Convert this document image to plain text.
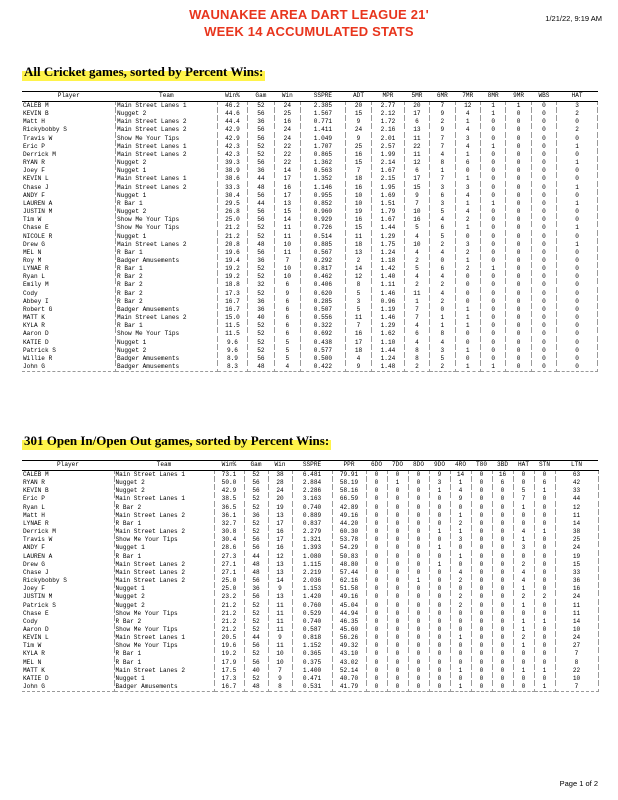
WAUNAKEE AREA DART LEAGUE 21'
WEEK 14 ACCUMULATED STATS
1/21/22, 9:19 AM
All Cricket games, sorted by Percent Wins:
Player	Team	Win%	Gam	Win	SSPRE	ADT	MPR	5MR	6MR	7MR	8MR	9MR	WBS	HAT
CALEB M	Main Street Lanes 1	46.2	52	24	2.385	20	2.77	20	7	12	1	1	0	3
KEVIN B	Nugget 2	44.6	56	25	1.567	15	2.12	17	9	4	1	0	0	2
Matt H	Main Street Lanes 2	44.4	36	16	0.771	9	1.72	6	2	1	0	0	0	0
Rickybobby S	Main Street Lanes 2	42.9	56	24	1.411	24	2.16	13	9	4	0	0	0	2
Travis W	Show Me Your Tips	42.9	56	24	1.049	9	2.01	11	7	3	0	0	0	0
Eric P	Main Street Lanes 1	42.3	52	22	1.707	25	2.57	22	7	4	1	0	0	1
Derrick M	Main Street Lanes 2	42.3	52	22	0.865	16	1.99	11	4	1	0	0	0	0
RYAN R	Nugget 2	39.3	56	22	1.362	15	2.14	12	8	6	0	0	0	1
Joey F	Nugget 1	38.9	36	14	0.563	7	1.67	6	1	0	0	0	0	0
KEVIN L	Main Street Lanes 1	38.6	44	17	1.352	18	2.15	17	7	1	0	0	0	0
Chase J	Main Street Lanes 2	33.3	48	16	1.146	16	1.95	15	3	3	0	0	0	1
ANDY F	Nugget 1	30.4	56	17	0.955	10	1.69	9	6	4	0	0	0	0
LAUREN A	R Bar 1	29.5	44	13	0.852	10	1.51	7	3	1	1	0	0	1
JUSTIN M	Nugget 2	26.8	56	15	0.960	19	1.79	10	5	4	0	0	0	0
Tim W	Show Me Your Tips	25.0	56	14	0.929	16	1.67	16	4	2	0	0	0	0
Chase E	Show Me Your Tips	21.2	52	11	0.726	15	1.44	5	6	1	0	0	0	1
NICOLE R	Nugget 1	21.2	52	11	0.514	11	1.29	4	5	0	0	0	0	0
Drew G	Main Street Lanes 2	20.8	48	10	0.885	18	1.75	10	2	3	0	0	0	1
MEL N	R Bar 1	19.6	56	11	0.567	13	1.24	4	4	2	0	0	0	0
Roy M	Badger Amusements	19.4	36	7	0.292	2	1.18	2	0	1	0	0	0	0
LYNAE R	R Bar 1	19.2	52	10	0.817	14	1.42	5	6	2	1	0	0	0
Ryan L	R Bar 2	19.2	52	10	0.462	12	1.40	4	4	0	0	0	0	0
Emily M	R Bar 2	18.8	32	6	0.406	8	1.11	2	2	0	0	0	0	0
Cody	R Bar 2	17.3	52	9	0.620	5	1.46	11	4	0	0	0	0	0
Abbey I	R Bar 2	16.7	36	6	0.285	3	0.96	1	2	0	0	0	0	0
Robert G	Badger Amusements	16.7	36	6	0.507	5	1.19	7	0	1	0	0	0	0
MATT K	Main Street Lanes 2	15.0	40	6	0.556	11	1.46	7	1	1	0	0	0	0
KYLA R	R Bar 1	11.5	52	6	0.322	7	1.29	4	1	1	0	0	0	0
Aaron D	Show Me Your Tips	11.5	52	6	0.692	16	1.62	6	8	0	0	0	0	0
KATIE D	Nugget 1	9.6	52	5	0.438	17	1.10	4	4	0	0	0	0	0
Patrick S	Nugget 2	9.6	52	5	0.577	18	1.44	8	3	1	0	0	0	0
Willie R	Badger Amusements	8.9	56	5	0.500	4	1.24	8	5	0	0	0	0	0
John G	Badger Amusements	8.3	48	4	0.422	9	1.48	2	2	1	1	0	0	0
301 Open In/Open Out games, sorted by Percent Wins:
Player	Team	Win%	Gam	Win	SSPRE	PPR	6DO	7DO	8DO	9DO	4RO	T80	3BD	HAT	STN	LTN
CALEB M	Main Street Lanes 1	73.1	52	38	6.481	79.91	0	0	0	9	14	0	16	0	0	63
RYAN R	Nugget 2	50.0	56	28	2.884	58.19	0	1	0	3	1	0	6	0	6	42
KEVIN B	Nugget 2	42.9	56	24	2.286	58.16	0	0	0	1	4	0	0	5	1	33
Eric P	Main Street Lanes 1	38.5	52	20	3.163	66.59	0	0	0	0	9	0	0	7	0	44
Ryan L	R Bar 2	36.5	52	19	0.740	42.89	0	0	0	0	0	0	0	1	0	12
Matt H	Main Street Lanes 2	36.1	36	13	0.889	49.16	0	0	0	0	1	0	0	0	0	11
LYNAE R	R Bar 1	32.7	52	17	0.837	44.20	0	0	0	0	2	0	0	0	0	14
Derrick M	Main Street Lanes 2	30.8	52	16	2.279	60.30	0	0	0	1	1	0	0	4	1	38
Travis W	Show Me Your Tips	30.4	56	17	1.321	53.78	0	0	0	0	3	0	0	1	0	25
ANDY F	Nugget 1	28.6	56	16	1.393	54.29	0	0	0	1	0	0	0	3	0	24
LAUREN A	R Bar 1	27.3	44	12	1.080	50.83	0	0	0	0	1	0	0	0	0	19
Drew G	Main Street Lanes 2	27.1	48	13	1.115	48.80	0	0	0	1	0	0	0	2	0	15
Chase J	Main Street Lanes 2	27.1	48	13	2.219	57.44	0	0	0	0	4	0	0	4	0	33
Rickybobby S	Main Street Lanes 2	25.0	56	14	2.036	62.16	0	0	1	0	2	0	0	4	0	36
Joey F	Nugget 1	25.0	36	9	1.153	51.58	0	0	0	0	0	0	0	1	0	16
JUSTIN M	Nugget 2	23.2	56	13	1.420	49.16	0	0	0	0	2	0	0	2	2	24
Patrick S	Nugget 2	21.2	52	11	0.760	45.04	0	0	0	0	2	0	0	1	0	11
Chase E	Show Me Your Tips	21.2	52	11	0.529	44.94	0	0	0	0	0	0	0	0	0	11
Cody	R Bar 2	21.2	52	11	0.740	46.35	0	0	0	0	0	0	0	1	1	14
Aaron D	Show Me Your Tips	21.2	52	11	0.587	45.60	0	0	0	0	0	0	0	1	0	10
KEVIN L	Main Street Lanes 1	20.5	44	9	0.818	56.26	0	0	0	0	1	0	0	2	0	24
Tim W	Show Me Your Tips	19.6	56	11	1.152	49.32	0	0	0	0	0	0	0	1	0	27
KYLA R	R Bar 1	19.2	52	10	0.365	43.10	0	0	0	0	0	0	0	0	0	7
MEL N	R Bar 1	17.9	56	10	0.375	43.02	0	0	0	0	0	0	0	0	0	8
MATT K	Main Street Lanes 2	17.5	40	7	1.400	52.14	0	0	0	0	1	0	0	1	1	22
KATIE D	Nugget 1	17.3	52	9	0.471	40.70	0	0	0	0	0	0	0	0	0	10
John G	Badger Amusements	16.7	48	8	0.531	41.79	0	0	0	0	1	0	0	0	1	7
Page 1 of 2
